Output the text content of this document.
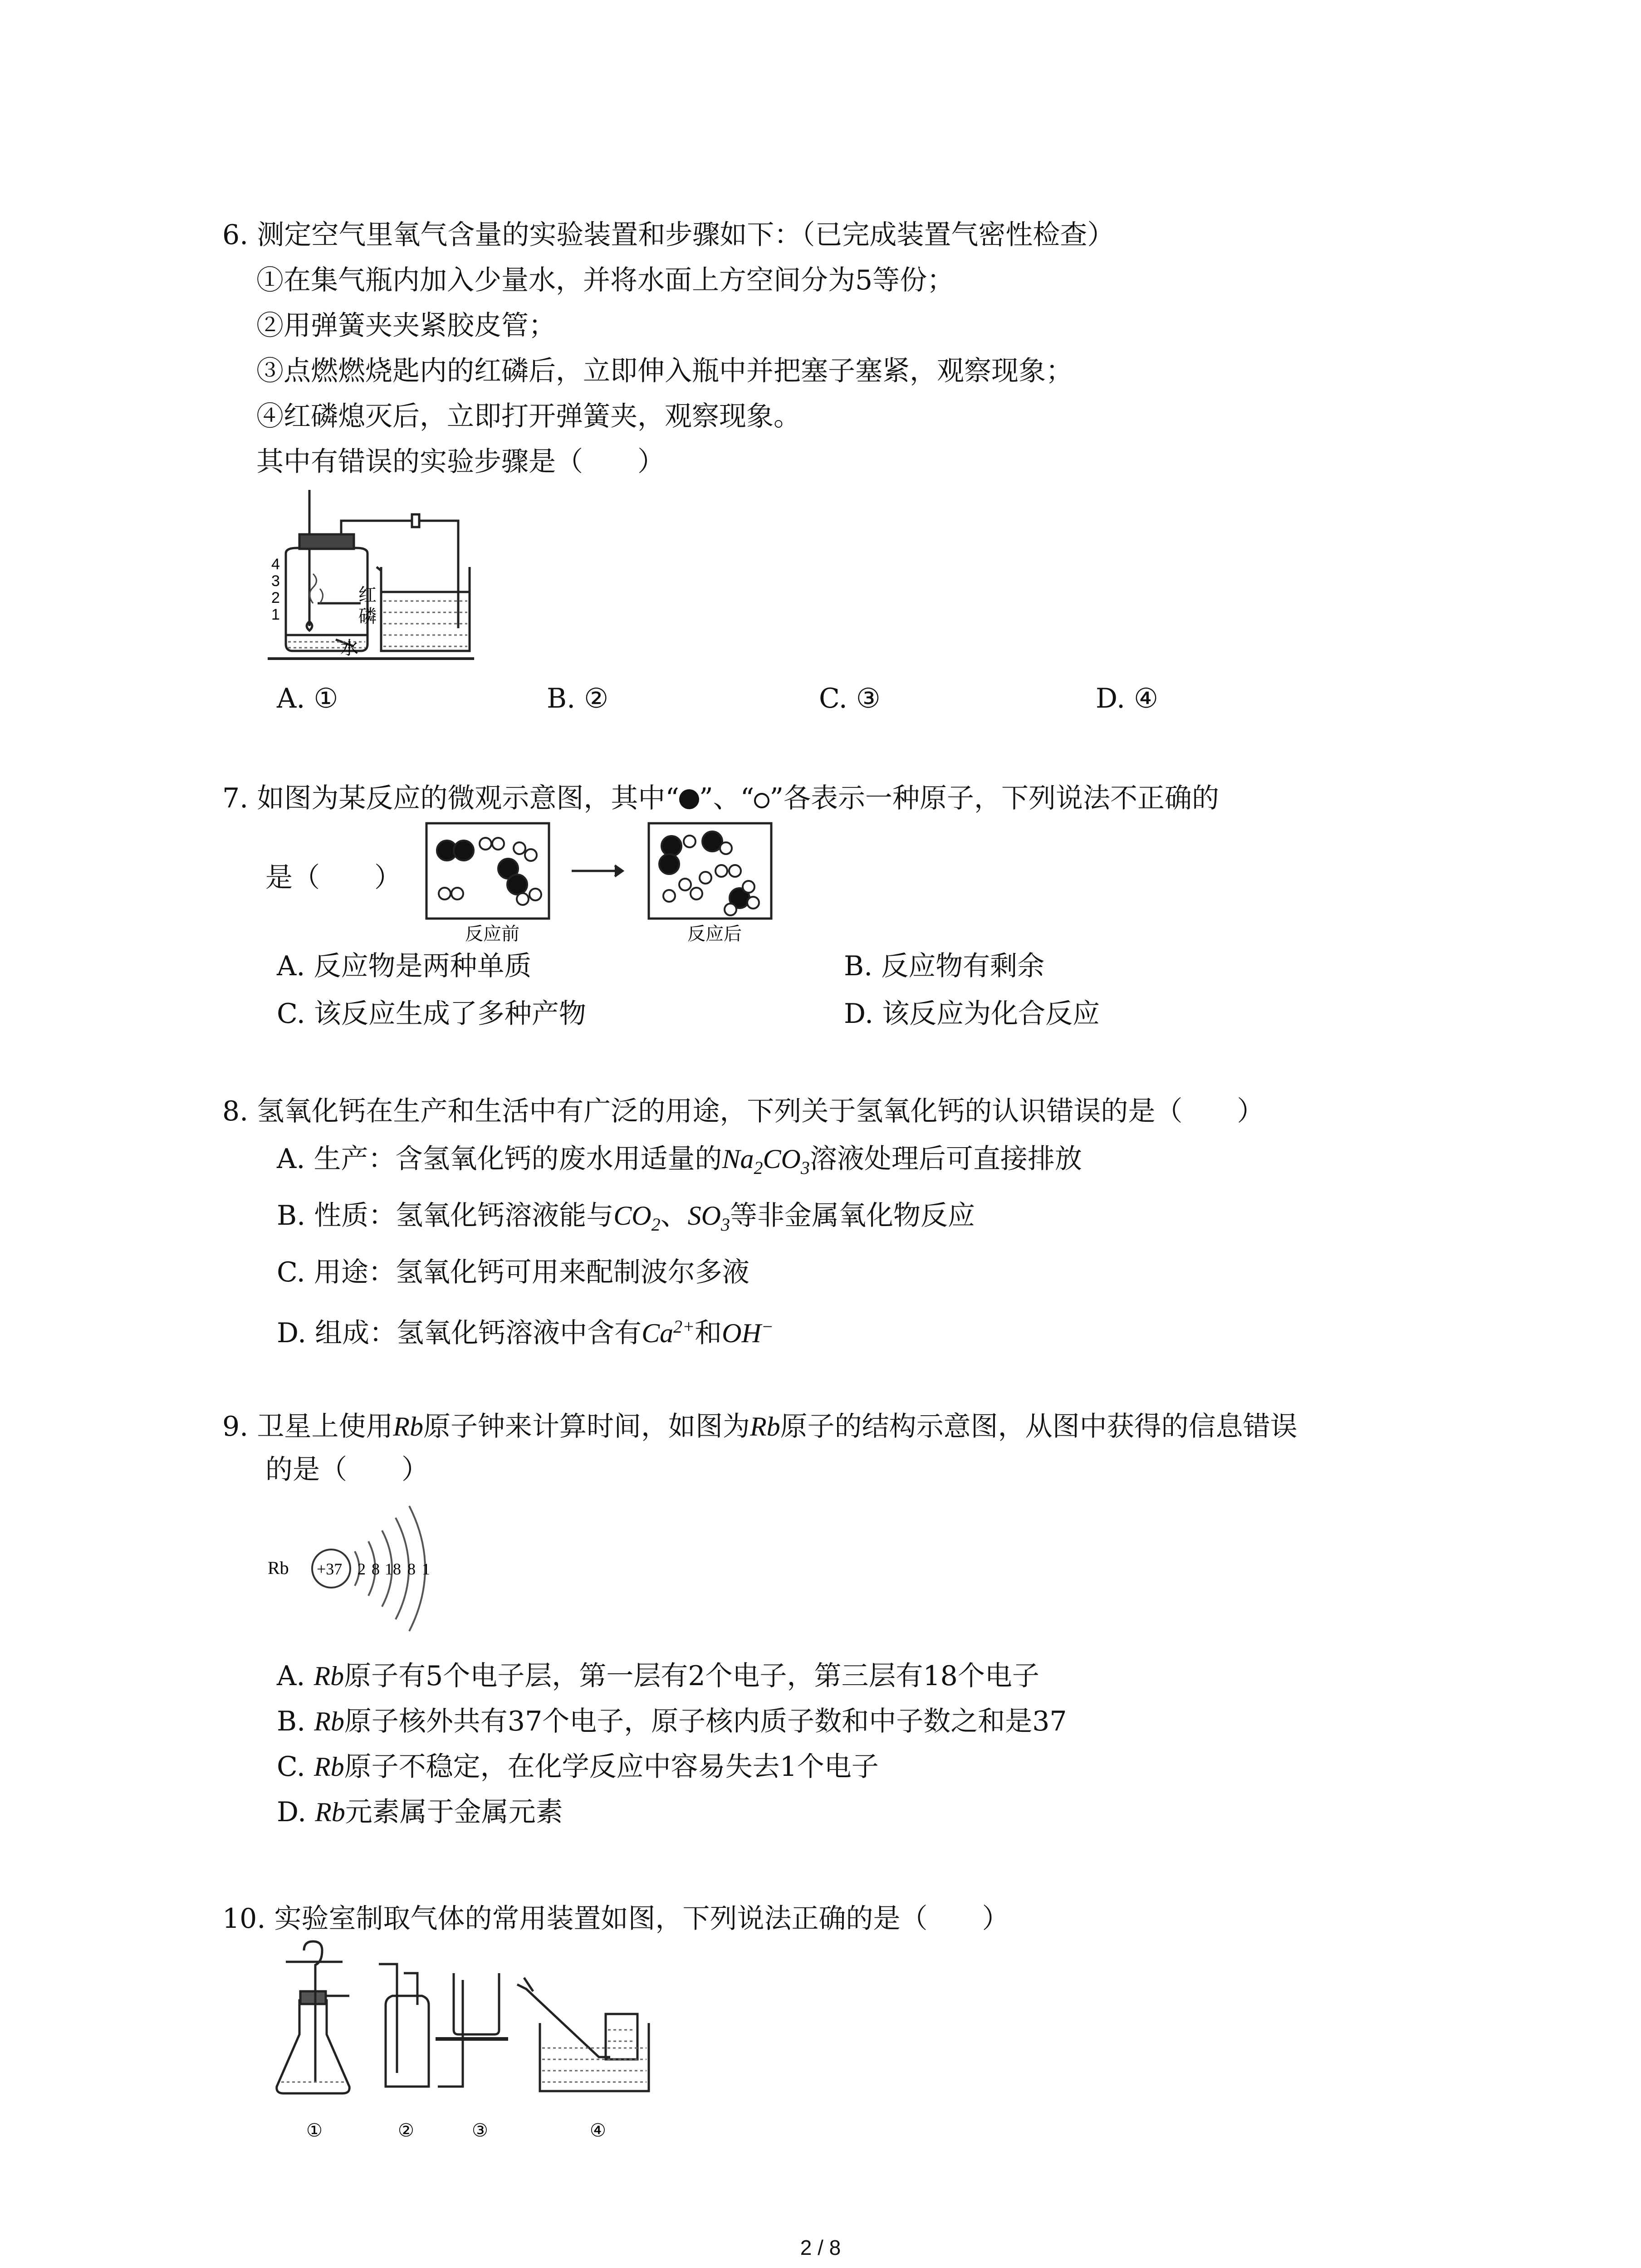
6. 测定空气里氧气含量的实验装置和步骤如下：（已完成装置气密性检查）
①在集气瓶内加入少量水，并将水面上方空间分为5等份；
②用弹簧夹夹紧胶皮管；
③点燃燃烧匙内的红磷后，立即伸入瓶中并把塞子塞紧，观察现象；
④红磷熄灭后，立即打开弹簧夹，观察现象。
其中有错误的实验步骤是（　　）
4
3
2
1
红
磷
水
A. ①	B. ②	C. ③	D. ④
7. 如图为某反应的微观示意图，其中“ ”、“ ”各表示一种原子，下列说法不正确的
是（　　）
反应前	反应后
A. 反应物是两种单质	B. 反应物有剩余
C. 该反应生成了多种产物	D. 该反应为化合反应
8. 氢氧化钙在生产和生活中有广泛的用途，下列关于氢氧化钙的认识错误的是（　　）
A. 生产：含氢氧化钙的废水用适量的$Na_2CO_3$溶液处理后可直接排放
B. 性质：氢氧化钙溶液能与$CO_2$、$SO_3$等非金属氧化物反应
C. 用途：氢氧化钙可用来配制波尔多液
D. 组成：氢氧化钙溶液中含有$Ca^{2+}$和OH−
9. 卫星上使用Rb原子钟来计算时间，如图为Rb原子的结构示意图，从图中获得的信息错误
的是（　　）
Rb +37 2 8 18 8 1
A. Rb原子有5个电子层，第一层有2个电子，第三层有18个电子
B. Rb原子核外共有37个电子，原子核内质子数和中子数之和是37
C. Rb原子不稳定，在化学反应中容易失去1个电子
D. Rb元素属于金属元素
10. 实验室制取气体的常用装置如图，下列说法正确的是（　　）
①	②	③	④
2 / 8
